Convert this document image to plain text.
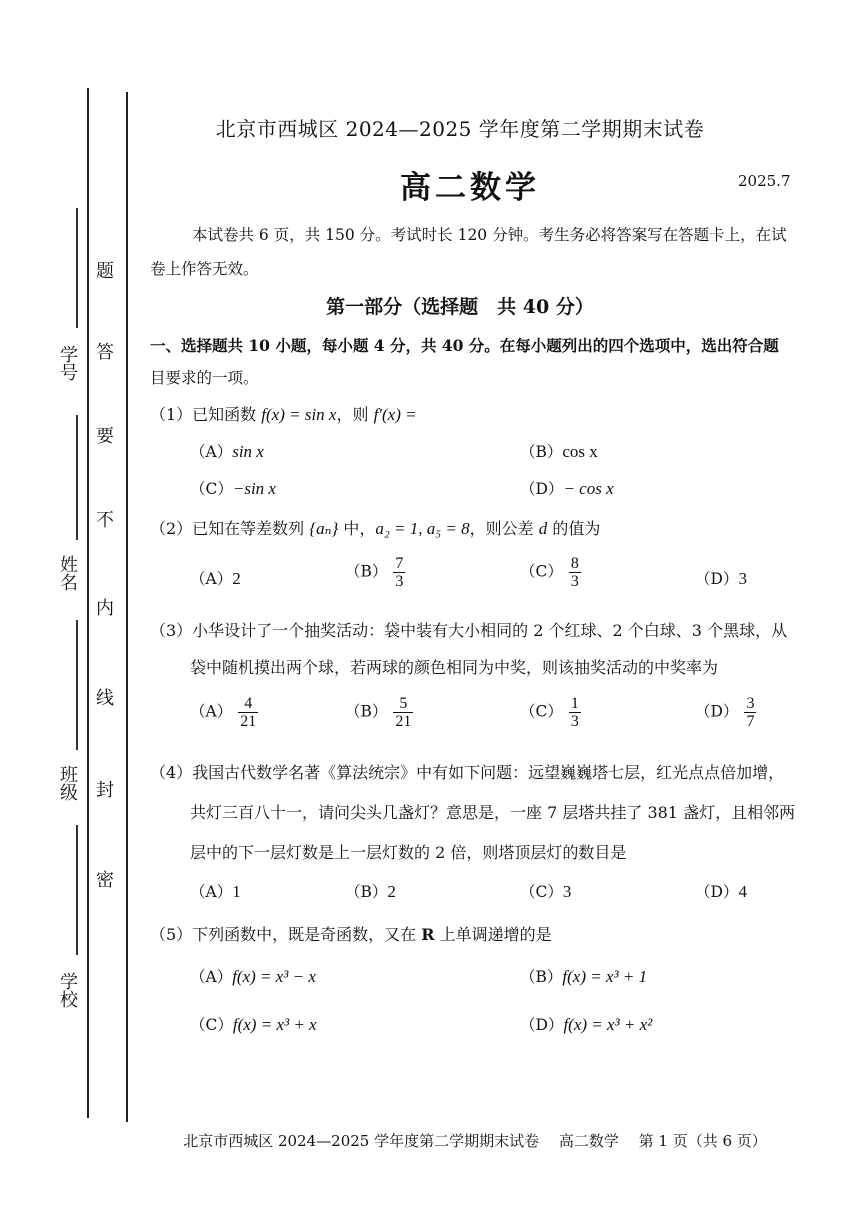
学号
姓名
班级
学校
题
答
要
不
内
线
封
密
北京市西城区 2024—2025 学年度第二学期期末试卷
高二数学	2025.7
本试卷共 6 页，共 150 分。考试时长 120 分钟。考生务必将答案写在答题卡上，在试
卷上作答无效。
第一部分（选择题　共 40 分）
一、选择题共 10 小题，每小题 4 分，共 40 分。在每小题列出的四个选项中，选出符合题
目要求的一项。
（1）已知函数 f(x) = sin x，则 f′(x) =
（A）sin x	（B）cos x
（C）−sin x	（D）− cos x
（2）已知在等差数列 {aₙ} 中，a₂ = 1, a₅ = 8，则公差 d 的值为
（A）2	$(B) \frac{7}{3}$	$(C) \frac{8}{3}$	（D）3
（3）小华设计了一个抽奖活动：袋中装有大小相同的 2 个红球、2 个白球、3 个黑球，从
袋中随机摸出两个球，若两球的颜色相同为中奖，则该抽奖活动的中奖率为
$(A) \frac{4}{21}$	$(B) \frac{5}{21}$	$(C) \frac{1}{3}$	$(D) \frac{3}{7}$
（4）我国古代数学名著《算法统宗》中有如下问题：远望巍巍塔七层，红光点点倍加增，
共灯三百八十一，请问尖头几盏灯？意思是，一座 7 层塔共挂了 381 盏灯，且相邻两
层中的下一层灯数是上一层灯数的 2 倍，则塔顶层灯的数目是
（A）1	（B）2	（C）3	（D）4
（5）下列函数中，既是奇函数，又在 R 上单调递增的是
（A）f(x) = x³ − x	（B）f(x) = x³ + 1
（C）f(x) = x³ + x	（D）f(x) = x³ + x²
北京市西城区 2024—2025 学年度第二学期期末试卷　 高二数学　 第 1 页（共 6 页）
